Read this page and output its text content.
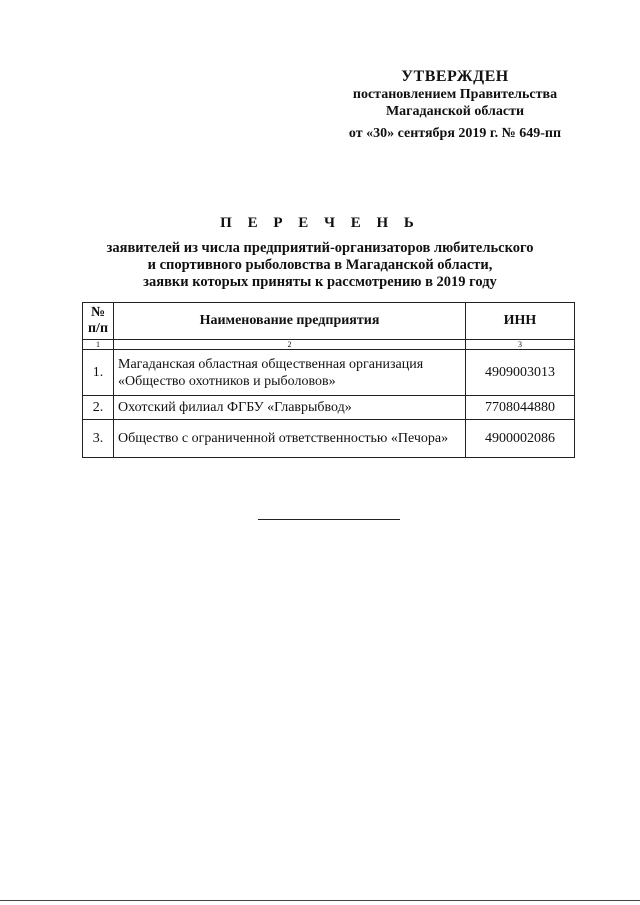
УТВЕРЖДЕН
постановлением Правительства
Магаданской области
от «30» сентября 2019 г. № 649-пп
П Е Р Е Ч Е Н Ь
заявителей из числа предприятий-организаторов любительского
и спортивного рыболовства в Магаданской области,
заявки которых приняты к рассмотрению в 2019 году
№
п/п	Наименование предприятия	ИНН
1	2	3
1.	Магаданская областная общественная организация «Общество охотников и рыболовов»	4909003013
2.	Охотский филиал ФГБУ «Главрыбвод»	7708044880
3.	Общество с ограниченной ответственностью «Печора»	4900002086
